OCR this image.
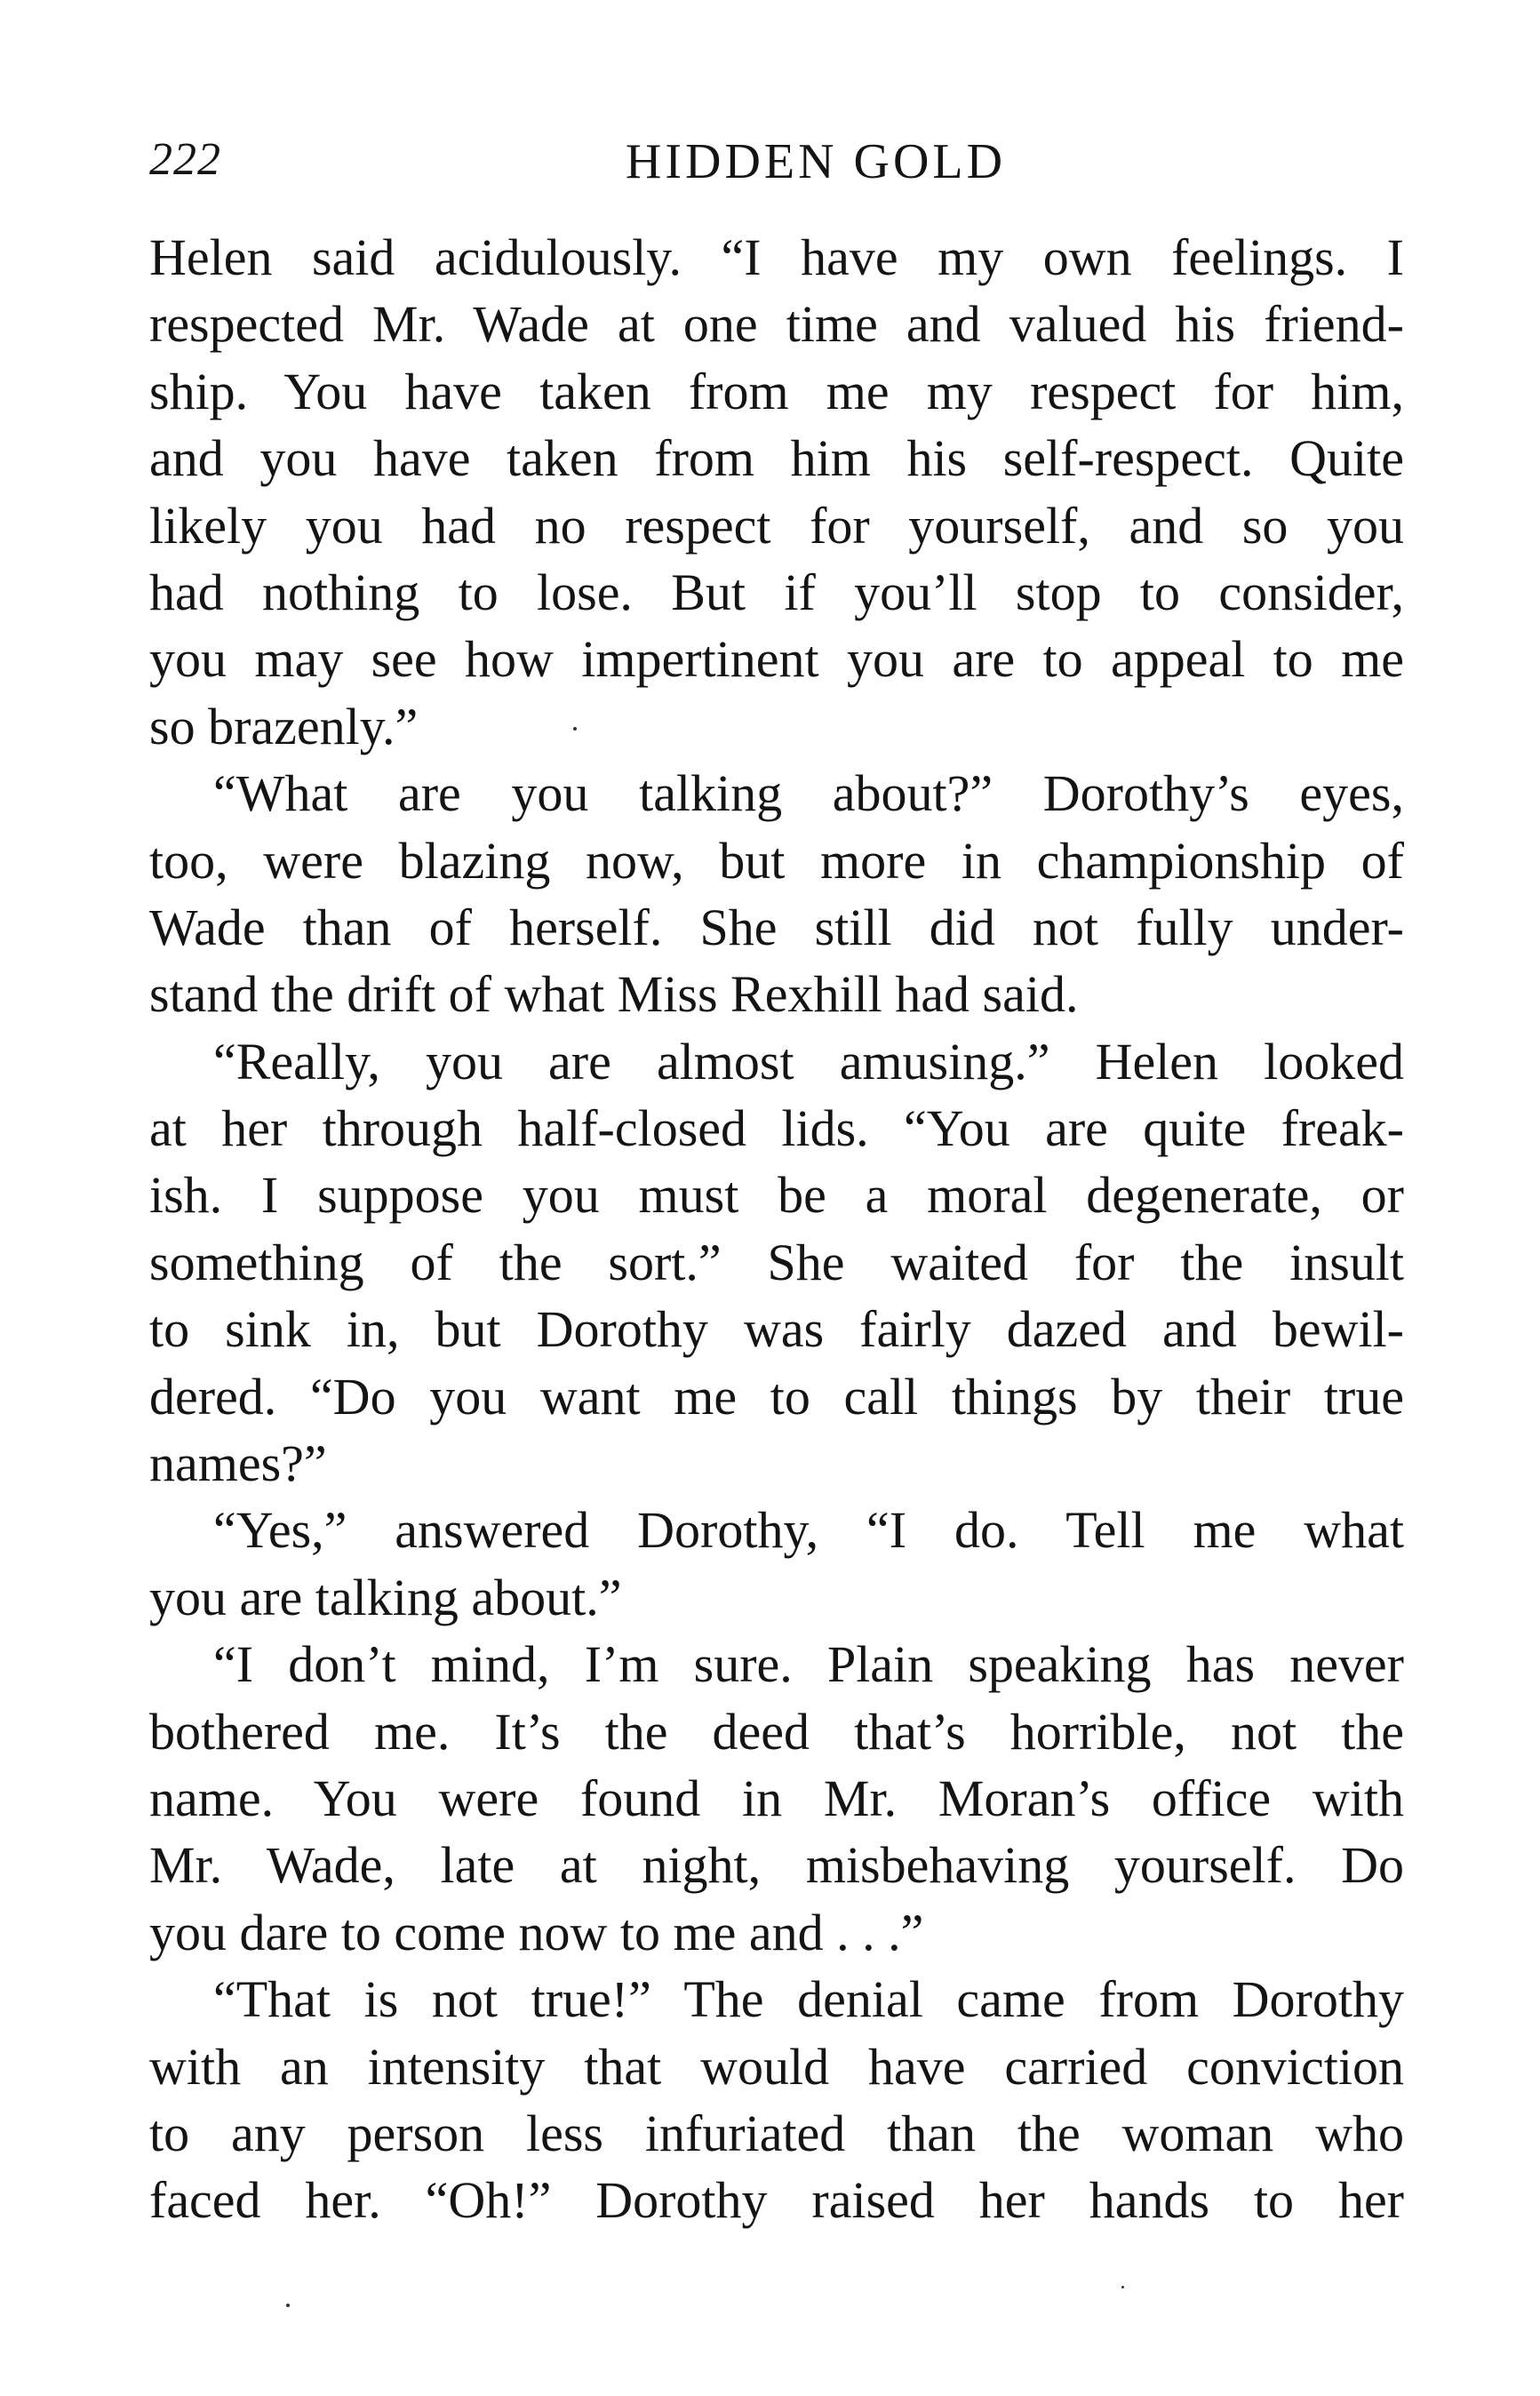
222	HIDDEN GOLD
Helen said acidulously. “I have my own feelings. I
respected Mr. Wade at one time and valued his friend-
ship. You have taken from me my respect for him,
and you have taken from him his self-respect. Quite
likely you had no respect for yourself, and so you
had nothing to lose. But if you’ll stop to consider,
you may see how impertinent you are to appeal to me
so brazenly.”
“What are you talking about?” Dorothy’s eyes,
too, were blazing now, but more in championship of
Wade than of herself. She still did not fully under-
stand the drift of what Miss Rexhill had said.
“Really, you are almost amusing.” Helen looked
at her through half-closed lids. “You are quite freak-
ish. I suppose you must be a moral degenerate, or
something of the sort.” She waited for the insult
to sink in, but Dorothy was fairly dazed and bewil-
dered. “Do you want me to call things by their true
names?”
“Yes,” answered Dorothy, “I do. Tell me what
you are talking about.”
“I don’t mind, I’m sure. Plain speaking has never
bothered me. It’s the deed that’s horrible, not the
name. You were found in Mr. Moran’s office with
Mr. Wade, late at night, misbehaving yourself. Do
you dare to come now to me and . . .”
“That is not true!” The denial came from Dorothy
with an intensity that would have carried conviction
to any person less infuriated than the woman who
faced her. “Oh!” Dorothy raised her hands to her
